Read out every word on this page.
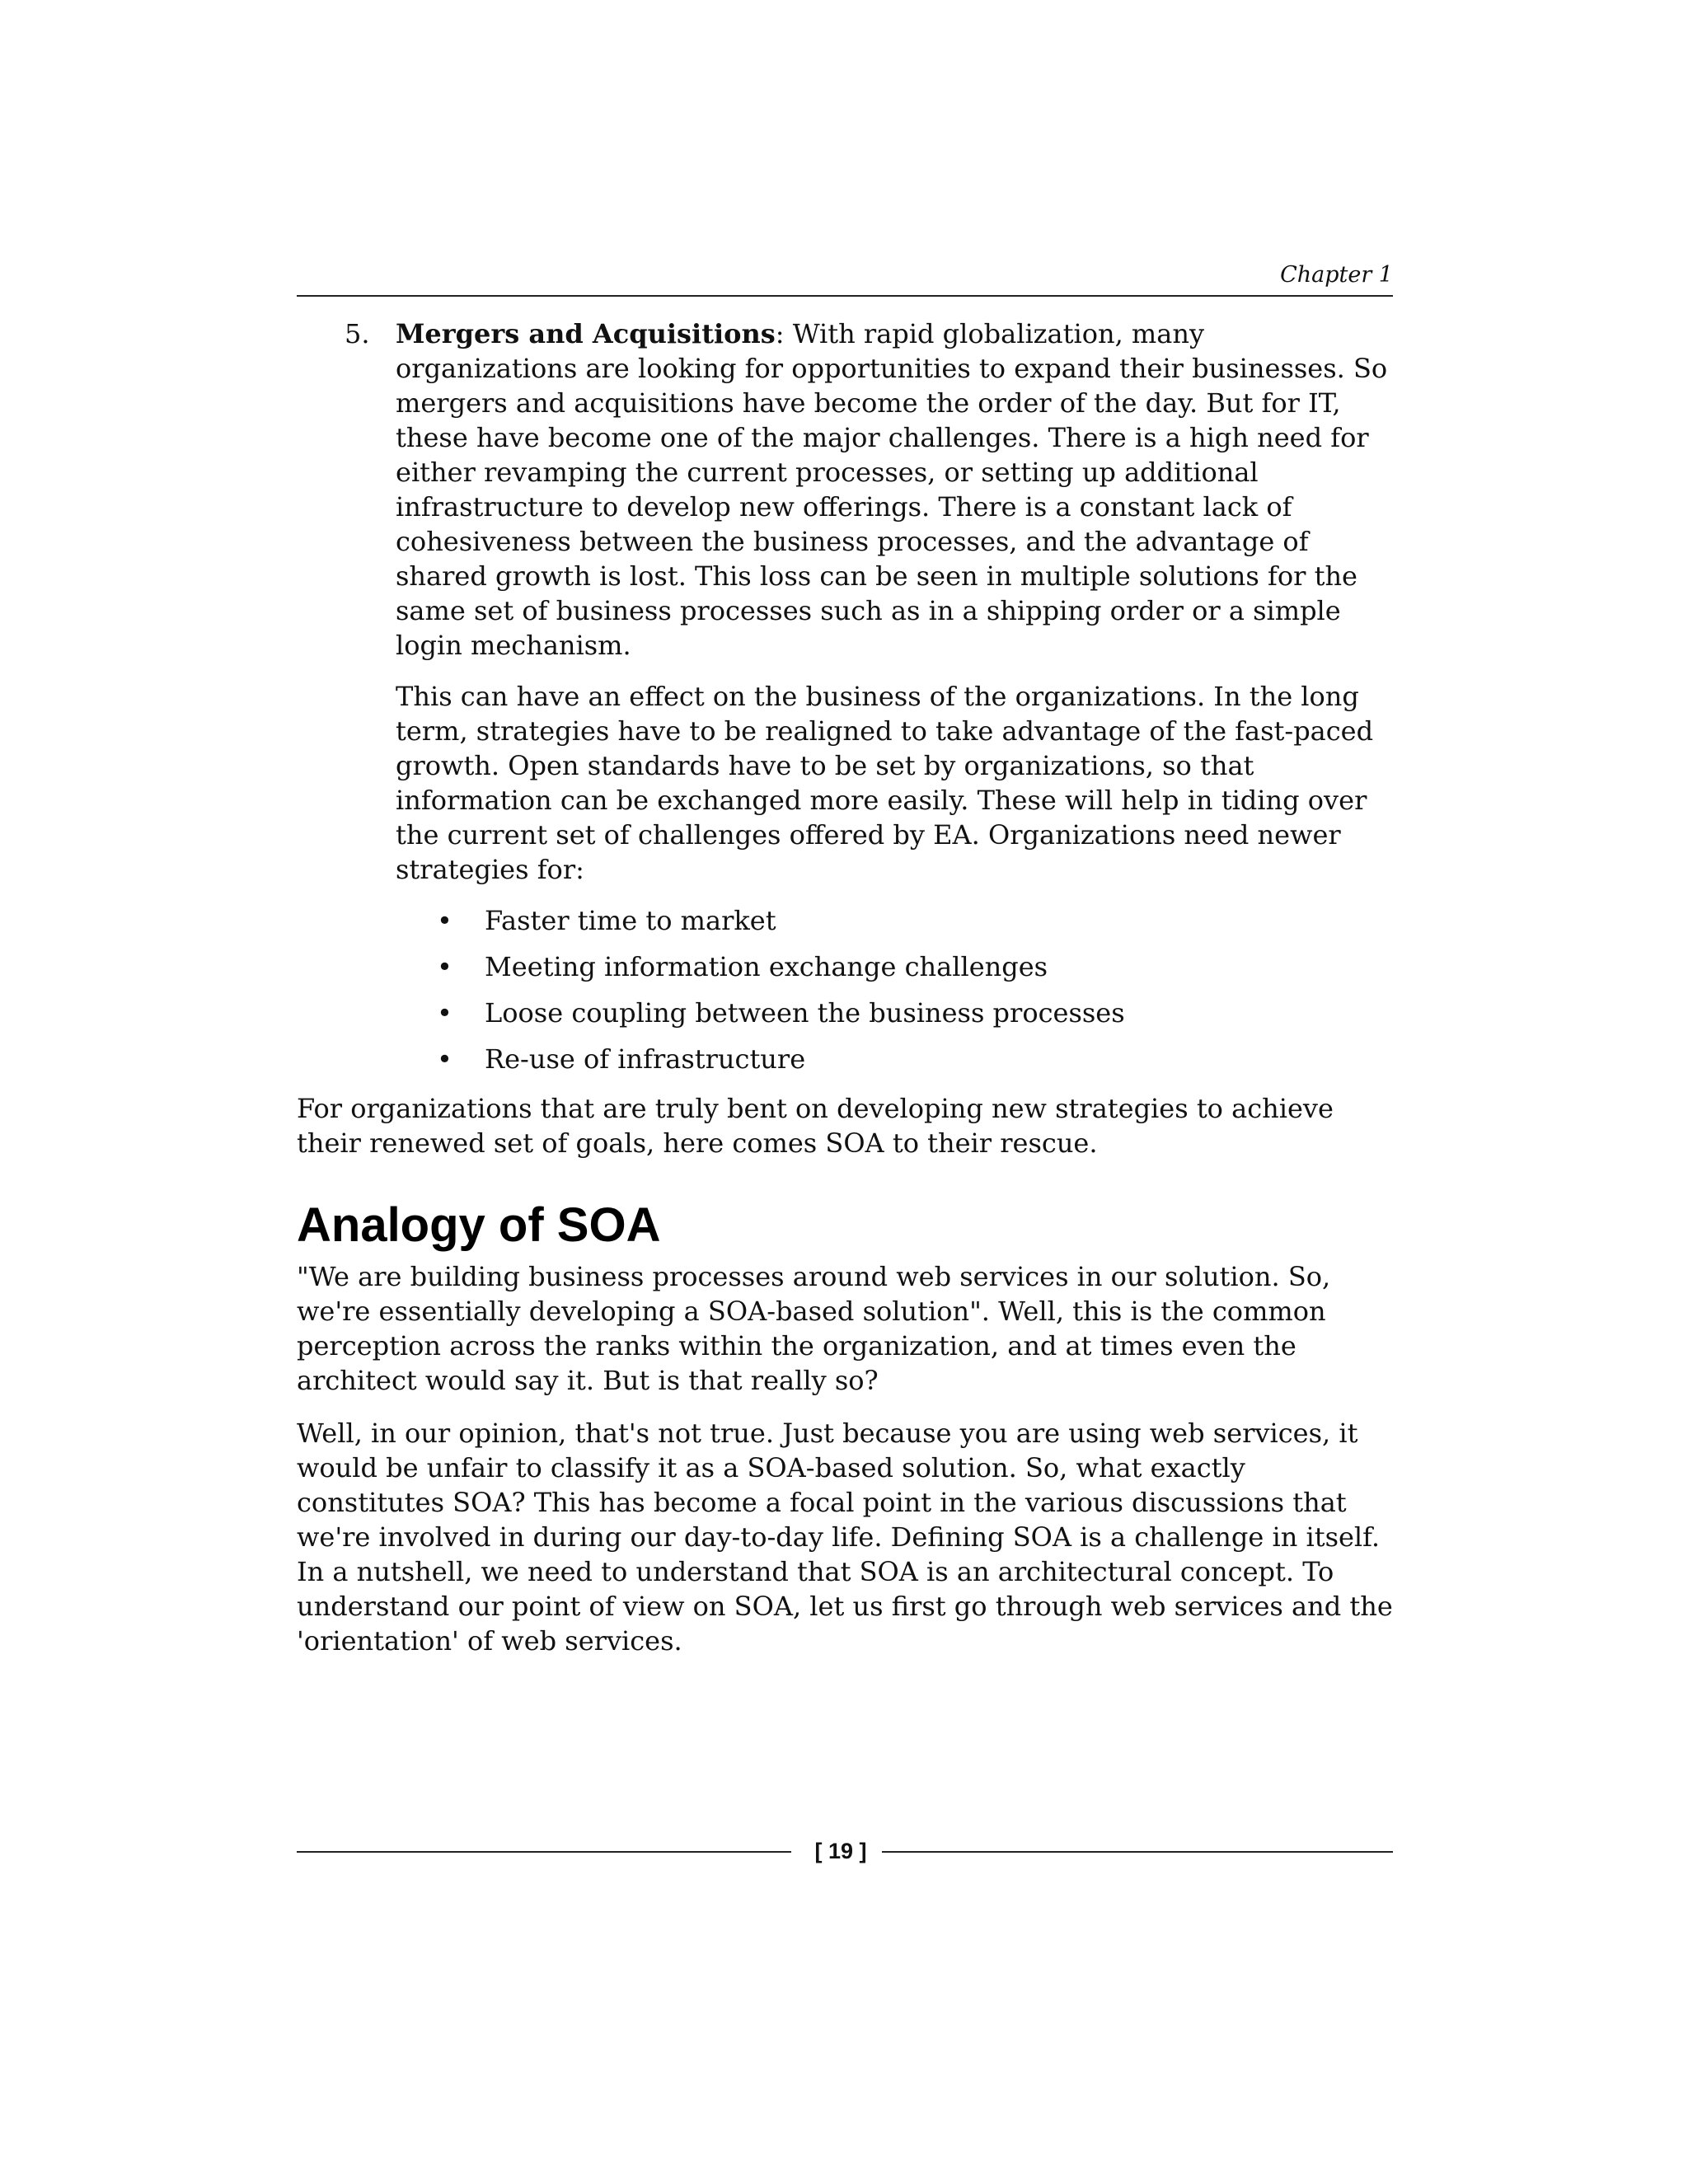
Chapter 1
5. Mergers and Acquisitions: With rapid globalization, many organizations are looking for opportunities to expand their businesses. So mergers and acquisitions have become the order of the day. But for IT, these have become one of the major challenges. There is a high need for either revamping the current processes, or setting up additional infrastructure to develop new offerings. There is a constant lack of cohesiveness between the business processes, and the advantage of shared growth is lost. This loss can be seen in multiple solutions for the same set of business processes such as in a shipping order or a simple login mechanism.

This can have an effect on the business of the organizations. In the long term, strategies have to be realigned to take advantage of the fast-paced growth. Open standards have to be set by organizations, so that information can be exchanged more easily. These will help in tiding over the current set of challenges offered by EA. Organizations need newer strategies for:

• Faster time to market
• Meeting information exchange challenges
• Loose coupling between the business processes
• Re-use of infrastructure

For organizations that are truly bent on developing new strategies to achieve their renewed set of goals, here comes SOA to their rescue.

Analogy of SOA

"We are building business processes around web services in our solution. So, we're essentially developing a SOA-based solution". Well, this is the common perception across the ranks within the organization, and at times even the architect would say it. But is that really so?

Well, in our opinion, that's not true. Just because you are using web services, it would be unfair to classify it as a SOA-based solution. So, what exactly constitutes SOA? This has become a focal point in the various discussions that we're involved in during our day-to-day life. Defining SOA is a challenge in itself. In a nutshell, we need to understand that SOA is an architectural concept. To understand our point of view on SOA, let us first go through web services and the 'orientation' of web services.

[ 19 ]
